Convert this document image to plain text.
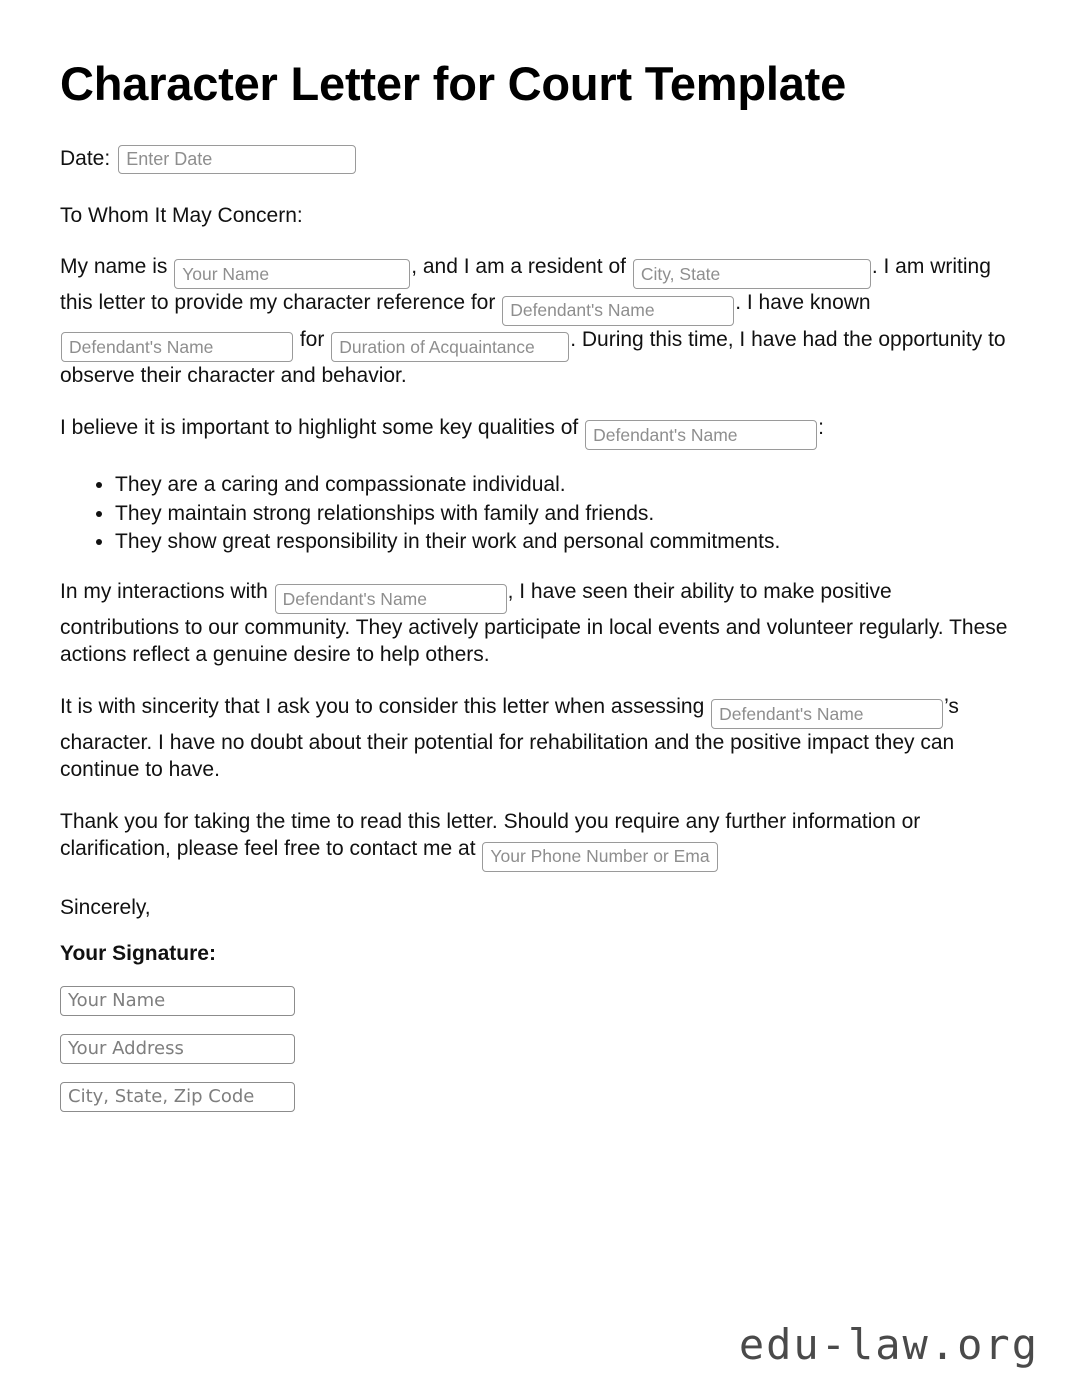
Character Letter for Court Template
Date:
Enter Date

To Whom It May Concern:

My name is Your Name	, and I am a resident of City, State	. I am writing this letter to provide my character reference for Defendant's Name	. I have known Defendant's Name for Duration of Acquaintance	. During this time, I have had the opportunity to observe their character and behavior.

I believe it is important to highlight some key qualities of Defendant's Name	:

• They are a caring and compassionate individual.
• They maintain strong relationships with family and friends.
• They show great responsibility in their work and personal commitments.

In my interactions with Defendant's Name	, I have seen their ability to make positive contributions to our community. They actively participate in local events and volunteer regularly. These actions reflect a genuine desire to help others.

It is with sincerity that I ask you to consider this letter when assessing Defendant's Name	’s character. I have no doubt about their potential for rehabilitation and the positive impact they can continue to have.

Thank you for taking the time to read this letter. Should you require any further information or clarification, please feel free to contact me at Your Phone Number or Email

Sincerely,

Your Signature:

Your Name
Your Address
City, State, Zip Code
edu-law.org
